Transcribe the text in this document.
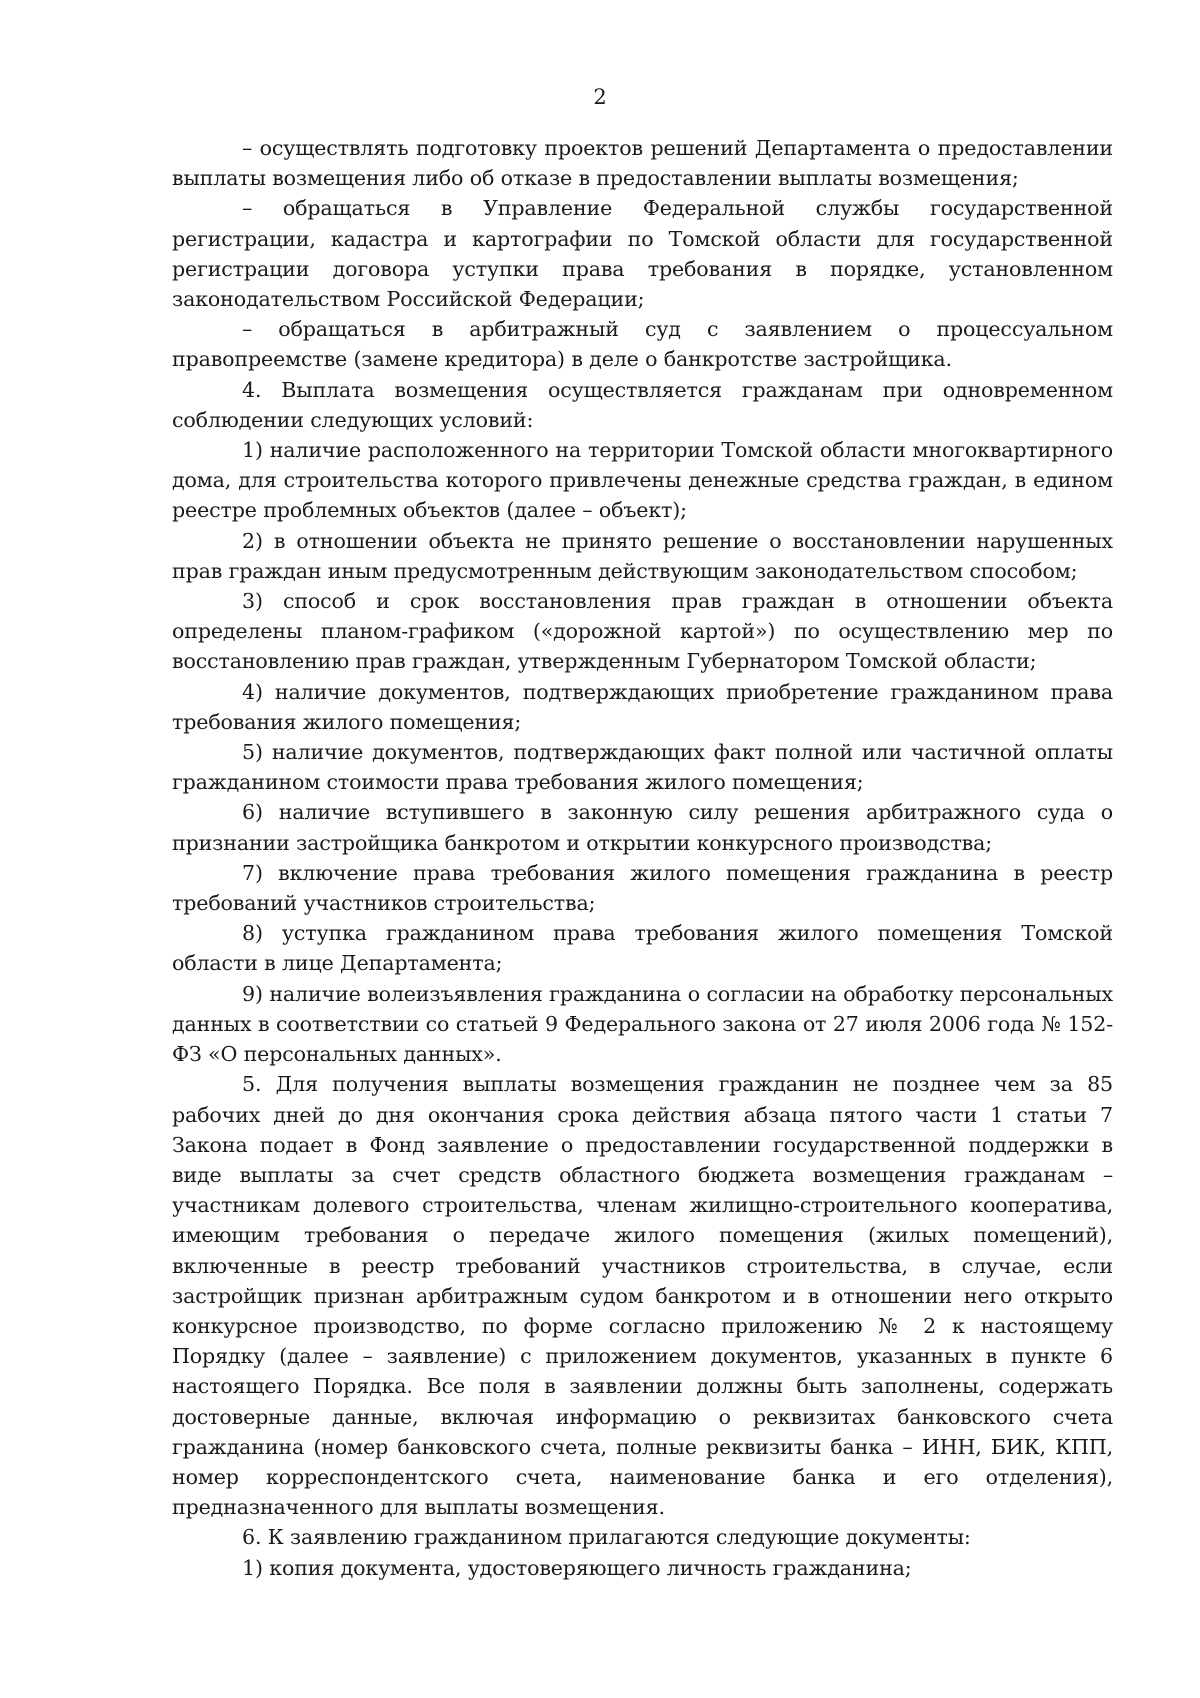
2

– осуществлять подготовку проектов решений Департамента о предоставлении выплаты возмещения либо об отказе в предоставлении выплаты возмещения;

– обращаться в Управление Федеральной службы государственной регистрации, кадастра и картографии по Томской области для государственной регистрации договора уступки права требования в порядке, установленном законодательством Российской Федерации;

– обращаться в арбитражный суд с заявлением о процессуальном правопреемстве (замене кредитора) в деле о банкротстве застройщика.

4. Выплата возмещения осуществляется гражданам при одновременном соблюдении следующих условий:

1) наличие расположенного на территории Томской области многоквартирного дома, для строительства которого привлечены денежные средства граждан, в едином реестре проблемных объектов (далее – объект);

2) в отношении объекта не принято решение о восстановлении нарушенных прав граждан иным предусмотренным действующим законодательством способом;

3) способ и срок восстановления прав граждан в отношении объекта определены планом-графиком («дорожной картой») по осуществлению мер по восстановлению прав граждан, утвержденным Губернатором Томской области;

4) наличие документов, подтверждающих приобретение гражданином права требования жилого помещения;

5) наличие документов, подтверждающих факт полной или частичной оплаты гражданином стоимости права требования жилого помещения;

6) наличие вступившего в законную силу решения арбитражного суда о признании застройщика банкротом и открытии конкурсного производства;

7) включение права требования жилого помещения гражданина в реестр требований участников строительства;

8) уступка гражданином права требования жилого помещения Томской области в лице Департамента;

9) наличие волеизъявления гражданина о согласии на обработку персональных данных в соответствии со статьей 9 Федерального закона от 27 июля 2006 года № 152-ФЗ «О персональных данных».

5. Для получения выплаты возмещения гражданин не позднее чем за 85 рабочих дней до дня окончания срока действия абзаца пятого части 1 статьи 7 Закона подает в Фонд заявление о предоставлении государственной поддержки в виде выплаты за счет средств областного бюджета возмещения гражданам – участникам долевого строительства, членам жилищно-строительного кооператива, имеющим требования о передаче жилого помещения (жилых помещений), включенные в реестр требований участников строительства, в случае, если застройщик признан арбитражным судом банкротом и в отношении него открыто конкурсное производство, по форме согласно приложению № 2 к настоящему Порядку (далее – заявление) с приложением документов, указанных в пункте 6 настоящего Порядка. Все поля в заявлении должны быть заполнены, содержать достоверные данные, включая информацию о реквизитах банковского счета гражданина (номер банковского счета, полные реквизиты банка – ИНН, БИК, КПП, номер корреспондентского счета, наименование банка и его отделения), предназначенного для выплаты возмещения.

6. К заявлению гражданином прилагаются следующие документы:

1) копия документа, удостоверяющего личность гражданина;
